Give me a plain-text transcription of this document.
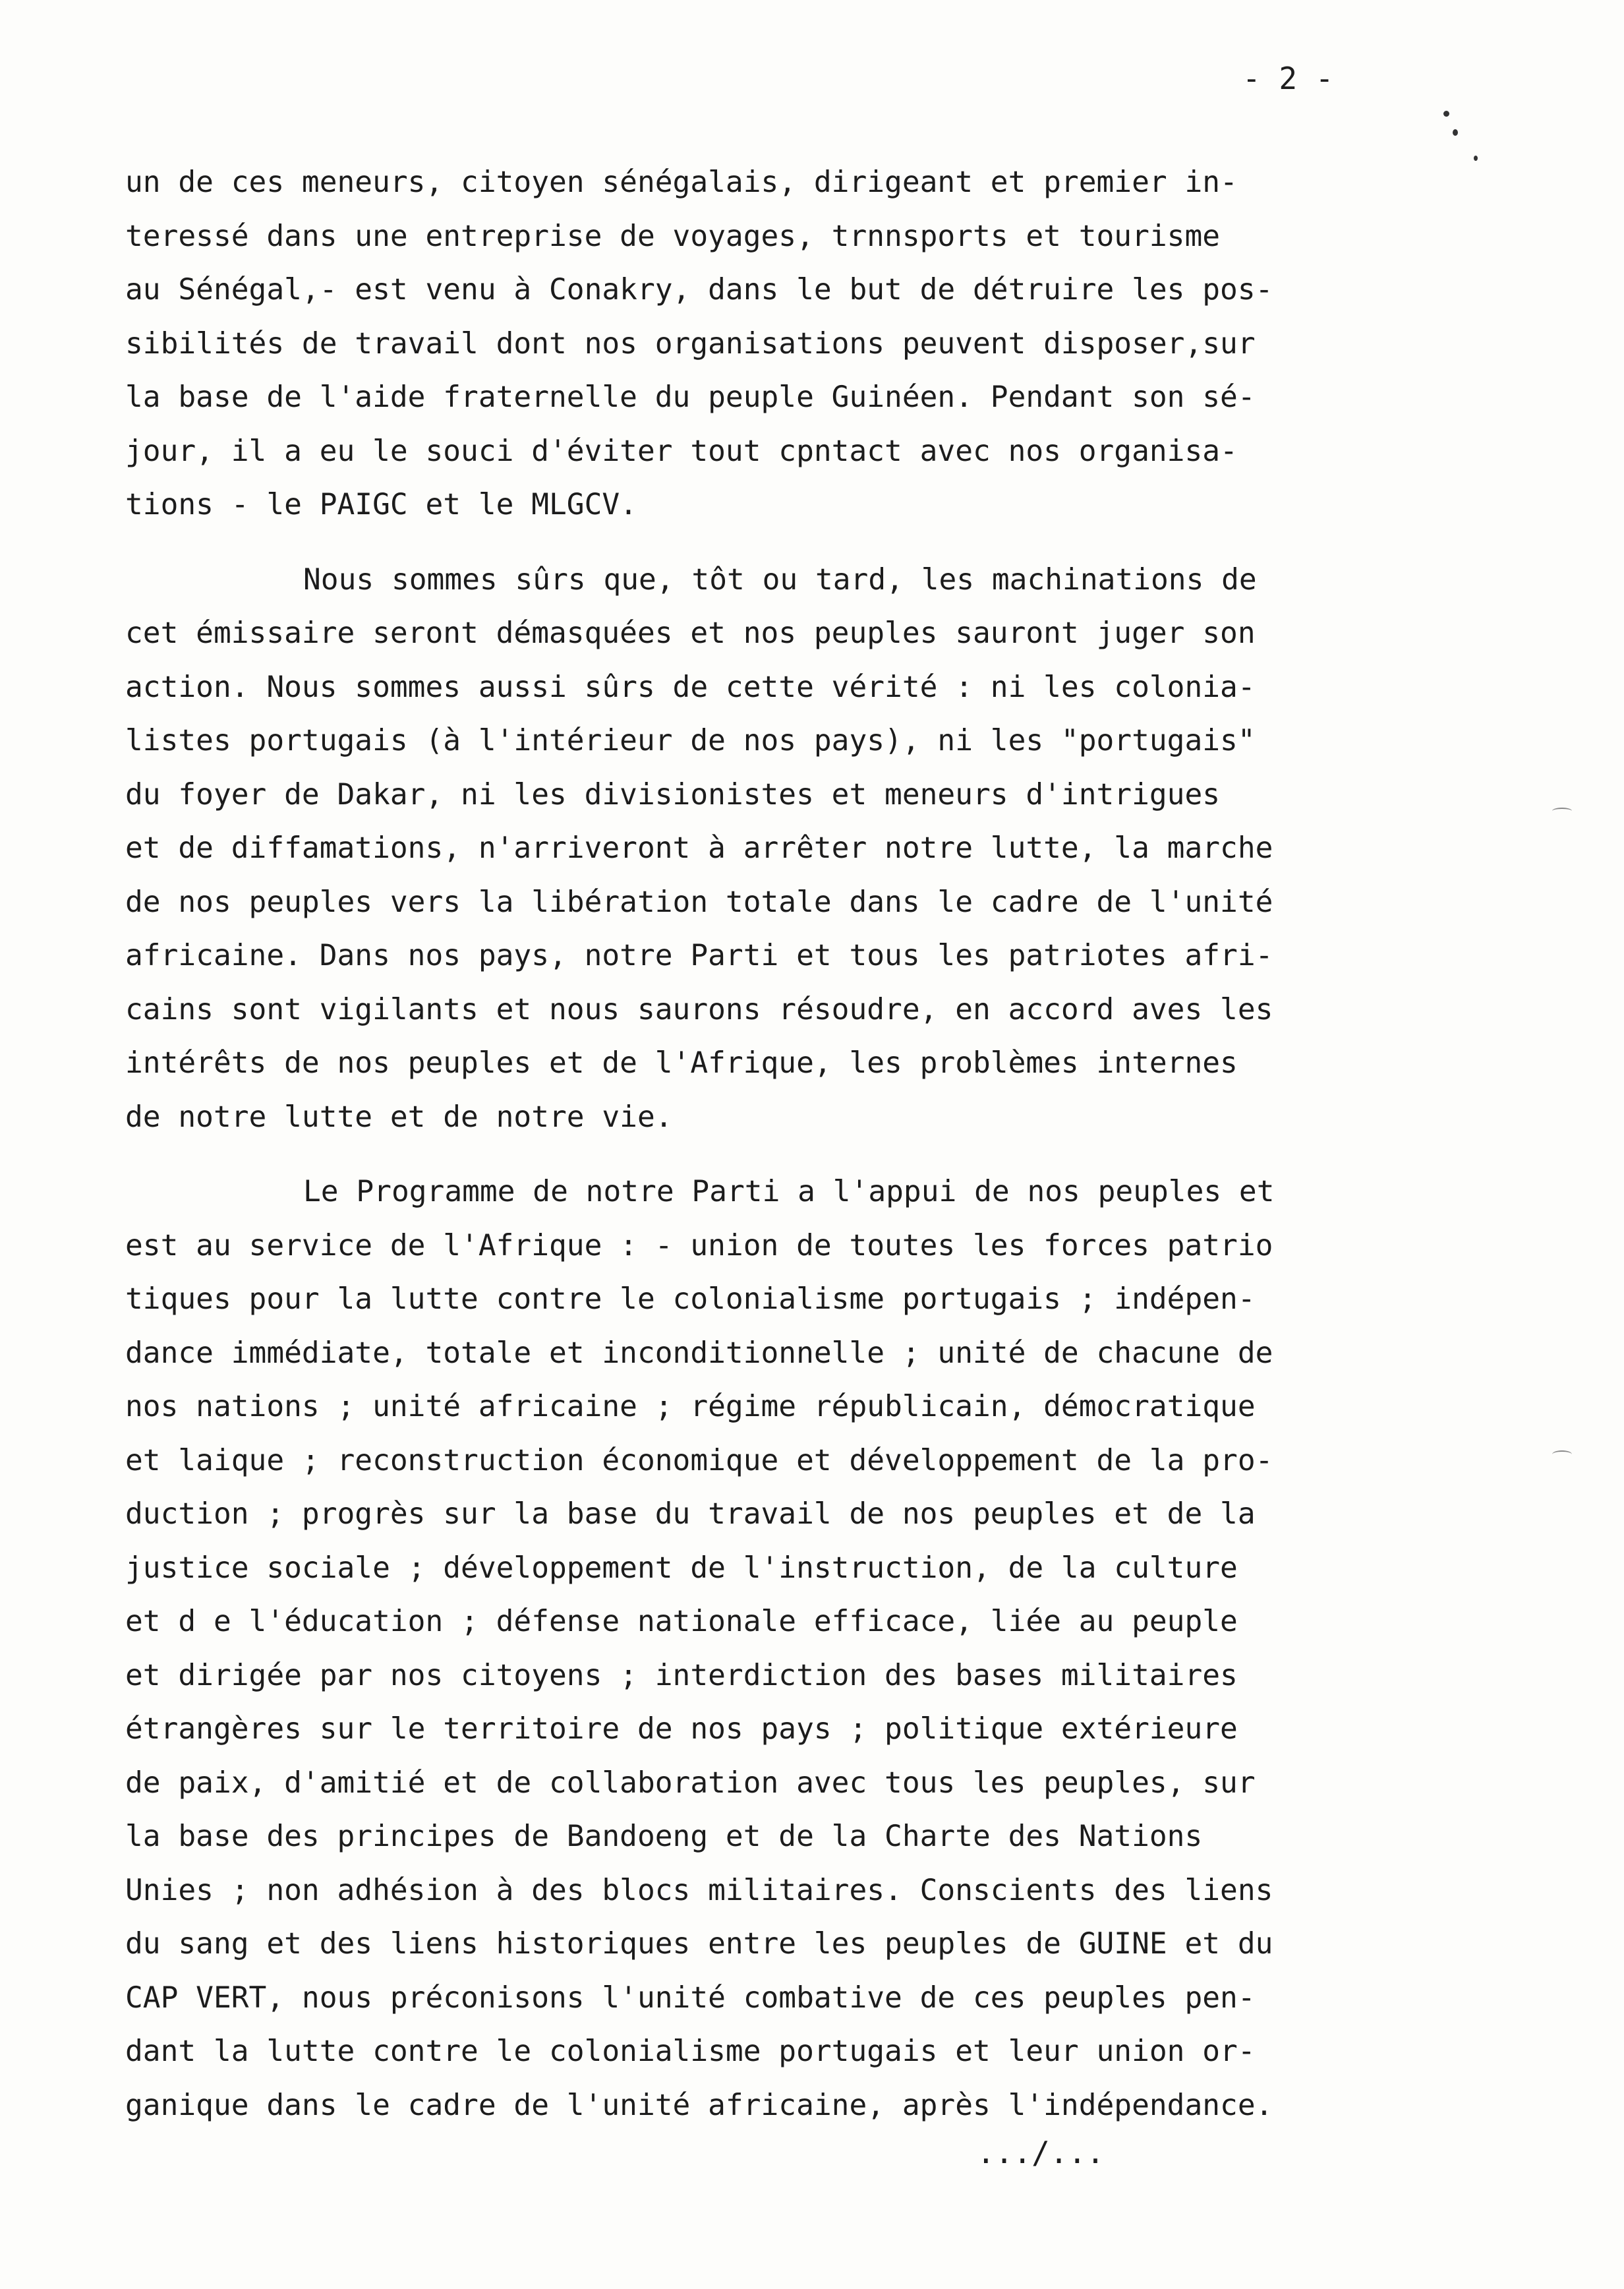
- 2 -
un de ces meneurs, citoyen sénégalais, dirigeant et premier in-
teressé dans une entreprise de voyages, trnnsports et tourisme
au Sénégal,- est venu à Conakry, dans le but de détruire les pos-
sibilités de travail dont nos organisations peuvent disposer,sur
la base de l'aide fraternelle du peuple Guinéen. Pendant son sé-
jour, il a eu le souci d'éviter tout cpntact avec nos organisa-
tions - le PAIGC et le MLGCV.
Nous sommes sûrs que, tôt ou tard, les machinations de
cet émissaire seront démasquées et nos peuples sauront juger son
action. Nous sommes aussi sûrs de cette vérité : ni les colonia-
listes portugais (à l'intérieur de nos pays), ni les "portugais"
du foyer de Dakar, ni les divisionistes et meneurs d'intrigues
et de diffamations, n'arriveront à arrêter notre lutte, la marche
de nos peuples vers la libération totale dans le cadre de l'unité
africaine. Dans nos pays, notre Parti et tous les patriotes afri-
cains sont vigilants et nous saurons résoudre, en accord aves les
intérêts de nos peuples et de l'Afrique, les problèmes internes
de notre lutte et de notre vie.
Le Programme de notre Parti a l'appui de nos peuples et
est au service de l'Afrique : - union de toutes les forces patrio
tiques pour la lutte contre le colonialisme portugais ; indépen-
dance immédiate, totale et inconditionnelle ; unité de chacune de
nos nations ; unité africaine ; régime républicain, démocratique
et laique ; reconstruction économique et développement de la pro-
duction ; progrès sur la base du travail de nos peuples et de la
justice sociale ; développement de l'instruction, de la culture
et d e l'éducation ; défense nationale efficace, liée au peuple
et dirigée par nos citoyens ; interdiction des bases militaires
étrangères sur le territoire de nos pays ; politique extérieure
de paix, d'amitié et de collaboration avec tous les peuples, sur
la base des principes de Bandoeng et de la Charte des Nations
Unies ; non adhésion à des blocs militaires. Conscients des liens
du sang et des liens historiques entre les peuples de GUINE et du
CAP VERT, nous préconisons l'unité combative de ces peuples pen-
dant la lutte contre le colonialisme portugais et leur union or-
ganique dans le cadre de l'unité africaine, après l'indépendance.
.../...
